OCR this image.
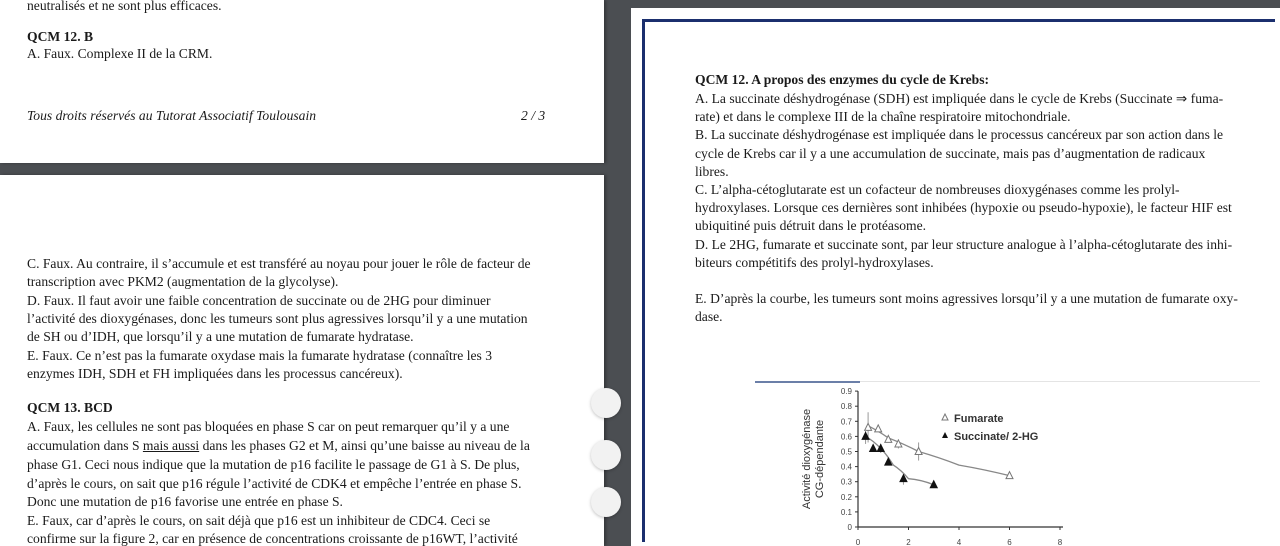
neutralisés et ne sont plus efficaces.
QCM 12. B
A. Faux. Complexe II de la CRM.
Tous droits réservés au Tutorat Associatif Toulousain	2 / 3
C. Faux. Au contraire, il s’accumule et est transféré au noyau pour jouer le rôle de facteur de
transcription avec PKM2 (augmentation de la glycolyse).
D. Faux. Il faut avoir une faible concentration de succinate ou de 2HG pour diminuer
l’activité des dioxygénases, donc les tumeurs sont plus agressives lorsqu’il y a une mutation
de SH ou d’IDH, que lorsqu’il y a une mutation de fumarate hydratase.
E. Faux. Ce n’est pas la fumarate oxydase mais la fumarate hydratase (connaître les 3
enzymes IDH, SDH et FH impliquées dans les processus cancéreux).
QCM 13. BCD
A. Faux, les cellules ne sont pas bloquées en phase S car on peut remarquer qu’il y a une
accumulation dans S mais aussi dans les phases G2 et M, ainsi qu’une baisse au niveau de la
phase G1. Ceci nous indique que la mutation de p16 facilite le passage de G1 à S. De plus,
d’après le cours, on sait que p16 régule l’activité de CDK4 et empêche l’entrée en phase S.
Donc une mutation de p16 favorise une entrée en phase S.
E. Faux, car d’après le cours, on sait déjà que p16 est un inhibiteur de CDC4. Ceci se
confirme sur la figure 2, car en présence de concentrations croissante de p16WT, l’activité
QCM 12. A propos des enzymes du cycle de Krebs:
A. La succinate déshydrogénase (SDH) est impliquée dans le cycle de Krebs (Succinate ⇒ fuma-
rate) et dans le complexe III de la chaîne respiratoire mitochondriale.
B. La succinate déshydrogénase est impliquée dans le processus cancéreux par son action dans le
cycle de Krebs car il y a une accumulation de succinate, mais pas d’augmentation de radicaux
libres.
C. L’alpha-cétoglutarate est un cofacteur de nombreuses dioxygénases comme les prolyl-
hydroxylases. Lorsque ces dernières sont inhibées (hypoxie ou pseudo-hypoxie), le facteur HIF est
ubiquitiné puis détruit dans le protéasome.
D. Le 2HG, fumarate et succinate sont, par leur structure analogue à l’alpha-cétoglutarate des inhi-
biteurs compétitifs des prolyl-hydroxylases.
E. D’après la courbe, les tumeurs sont moins agressives lorsqu’il y a une mutation de fumarate oxy-
dase.
0
0.1
0.2
0.3
0.4
0.5
0.6
0.7
0.8
0.9
0	2	4	6	8
Activité dioxygénase CG-dépendante
Fumarate
Succinate/ 2-HG
